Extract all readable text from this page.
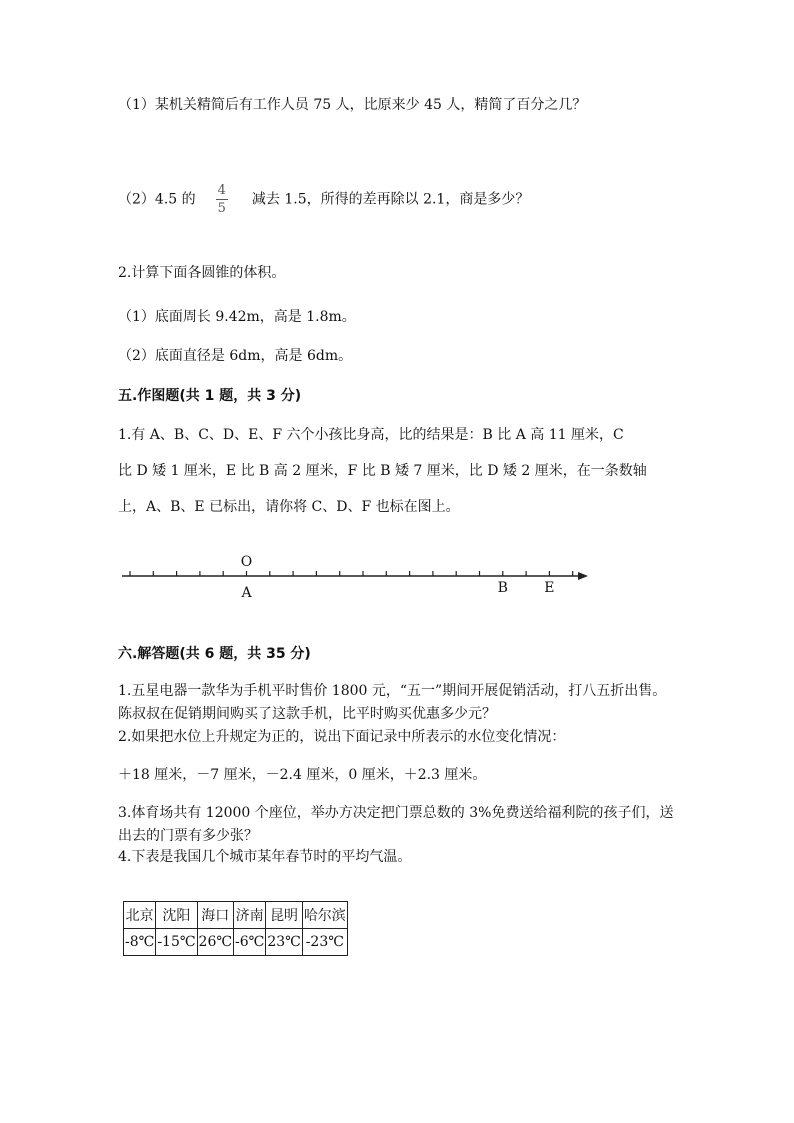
（1）某机关精简后有工作人员 75 人，比原来少 45 人，精简了百分之几？
（2）4.5 的 $\frac{4}{5}$ 减去 1.5，所得的差再除以 2.1，商是多少？
2.计算下面各圆锥的体积。
（1）底面周长 9.42m，高是 1.8m。
（2）底面直径是 6dm，高是 6dm。
五.作图题(共 1 题，共 3 分)
1.有 A、B、C、D、E、F 六个小孩比身高，比的结果是：B 比 A 高 11 厘米，C
比 D 矮 1 厘米，E 比 B 高 2 厘米，F 比 B 矮 7 厘米，比 D 矮 2 厘米，在一条数轴
上，A、B、E 已标出，请你将 C、D、F 也标在图上。
O
A	B	E
六.解答题(共 6 题，共 35 分)
1.五星电器一款华为手机平时售价 1800 元，“五一”期间开展促销活动，打八五折出售。陈叔叔在促销期间购买了这款手机，比平时购买优惠多少元？
2.如果把水位上升规定为正的，说出下面记录中所表示的水位变化情况：
＋18 厘米，－7 厘米，－2.4 厘米，0 厘米，＋2.3 厘米。
3.体育场共有 12000 个座位，举办方决定把门票总数的 3%免费送给福利院的孩子们，送出去的门票有多少张？
4.下表是我国几个城市某年春节时的平均气温。
北京	沈阳	海口	济南	昆明	哈尔滨
-8℃	-15℃	26℃	-6℃	23℃	-23℃
